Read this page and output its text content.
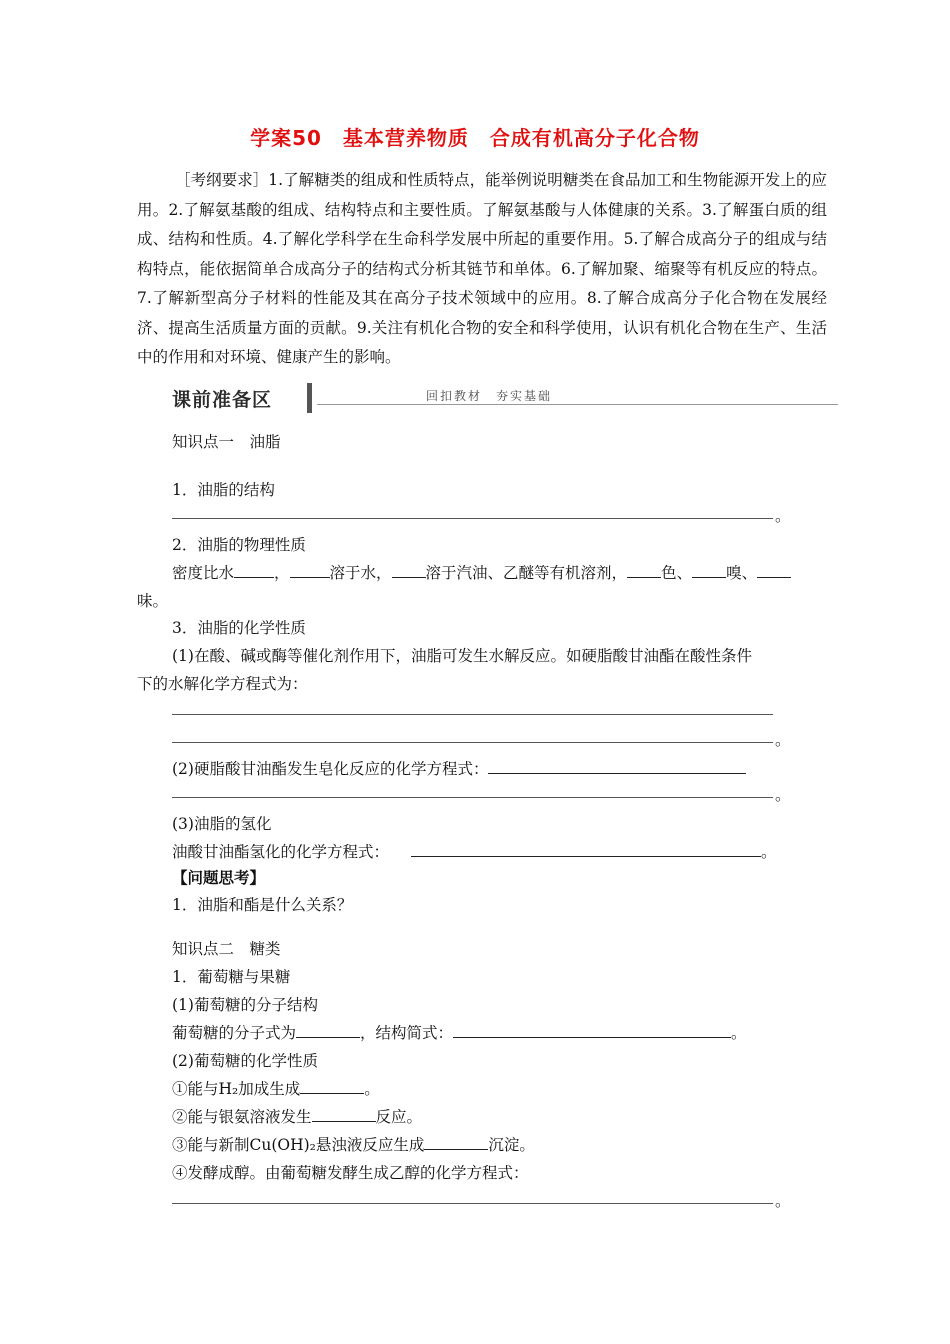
学案50　基本营养物质　合成有机高分子化合物
［考纲要求］1.了解糖类的组成和性质特点，能举例说明糖类在食品加工和生物能源开发上的应用。2.了解氨基酸的组成、结构特点和主要性质。了解氨基酸与人体健康的关系。3.了解蛋白质的组成、结构和性质。4.了解化学科学在生命科学发展中所起的重要作用。5.了解合成高分子的组成与结构特点，能依据简单合成高分子的结构式分析其链节和单体。6.了解加聚、缩聚等有机反应的特点。7.了解新型高分子材料的性能及其在高分子技术领域中的应用。8.了解合成高分子化合物在发展经济、提高生活质量方面的贡献。9.关注有机化合物的安全和科学使用，认识有机化合物在生产、生活中的作用和对环境、健康产生的影响。
课前准备区	回扣教材　夯实基础
知识点一　油脂
1．油脂的结构
。
2．油脂的物理性质
密度比水	，	溶于水， 溶于汽油、乙醚等有机溶剂， 色、 嗅、
味。
3．油脂的化学性质
(1)在酸、碱或酶等催化剂作用下，油脂可发生水解反应。如硬脂酸甘油酯在酸性条件
下的水解化学方程式为：
。
(2)硬脂酸甘油酯发生皂化反应的化学方程式：
。
(3)油脂的氢化
油酸甘油酯氢化的化学方程式：	。
【问题思考】
1．油脂和酯是什么关系？
知识点二　糖类
1．葡萄糖与果糖
(1)葡萄糖的分子结构
葡萄糖的分子式为	，结构简式：	。
(2)葡萄糖的化学性质
①能与H₂加成生成	。
②能与银氨溶液发生	反应。
③能与新制Cu(OH)₂悬浊液反应生成	沉淀。
④发酵成醇。由葡萄糖发酵生成乙醇的化学方程式：
。
